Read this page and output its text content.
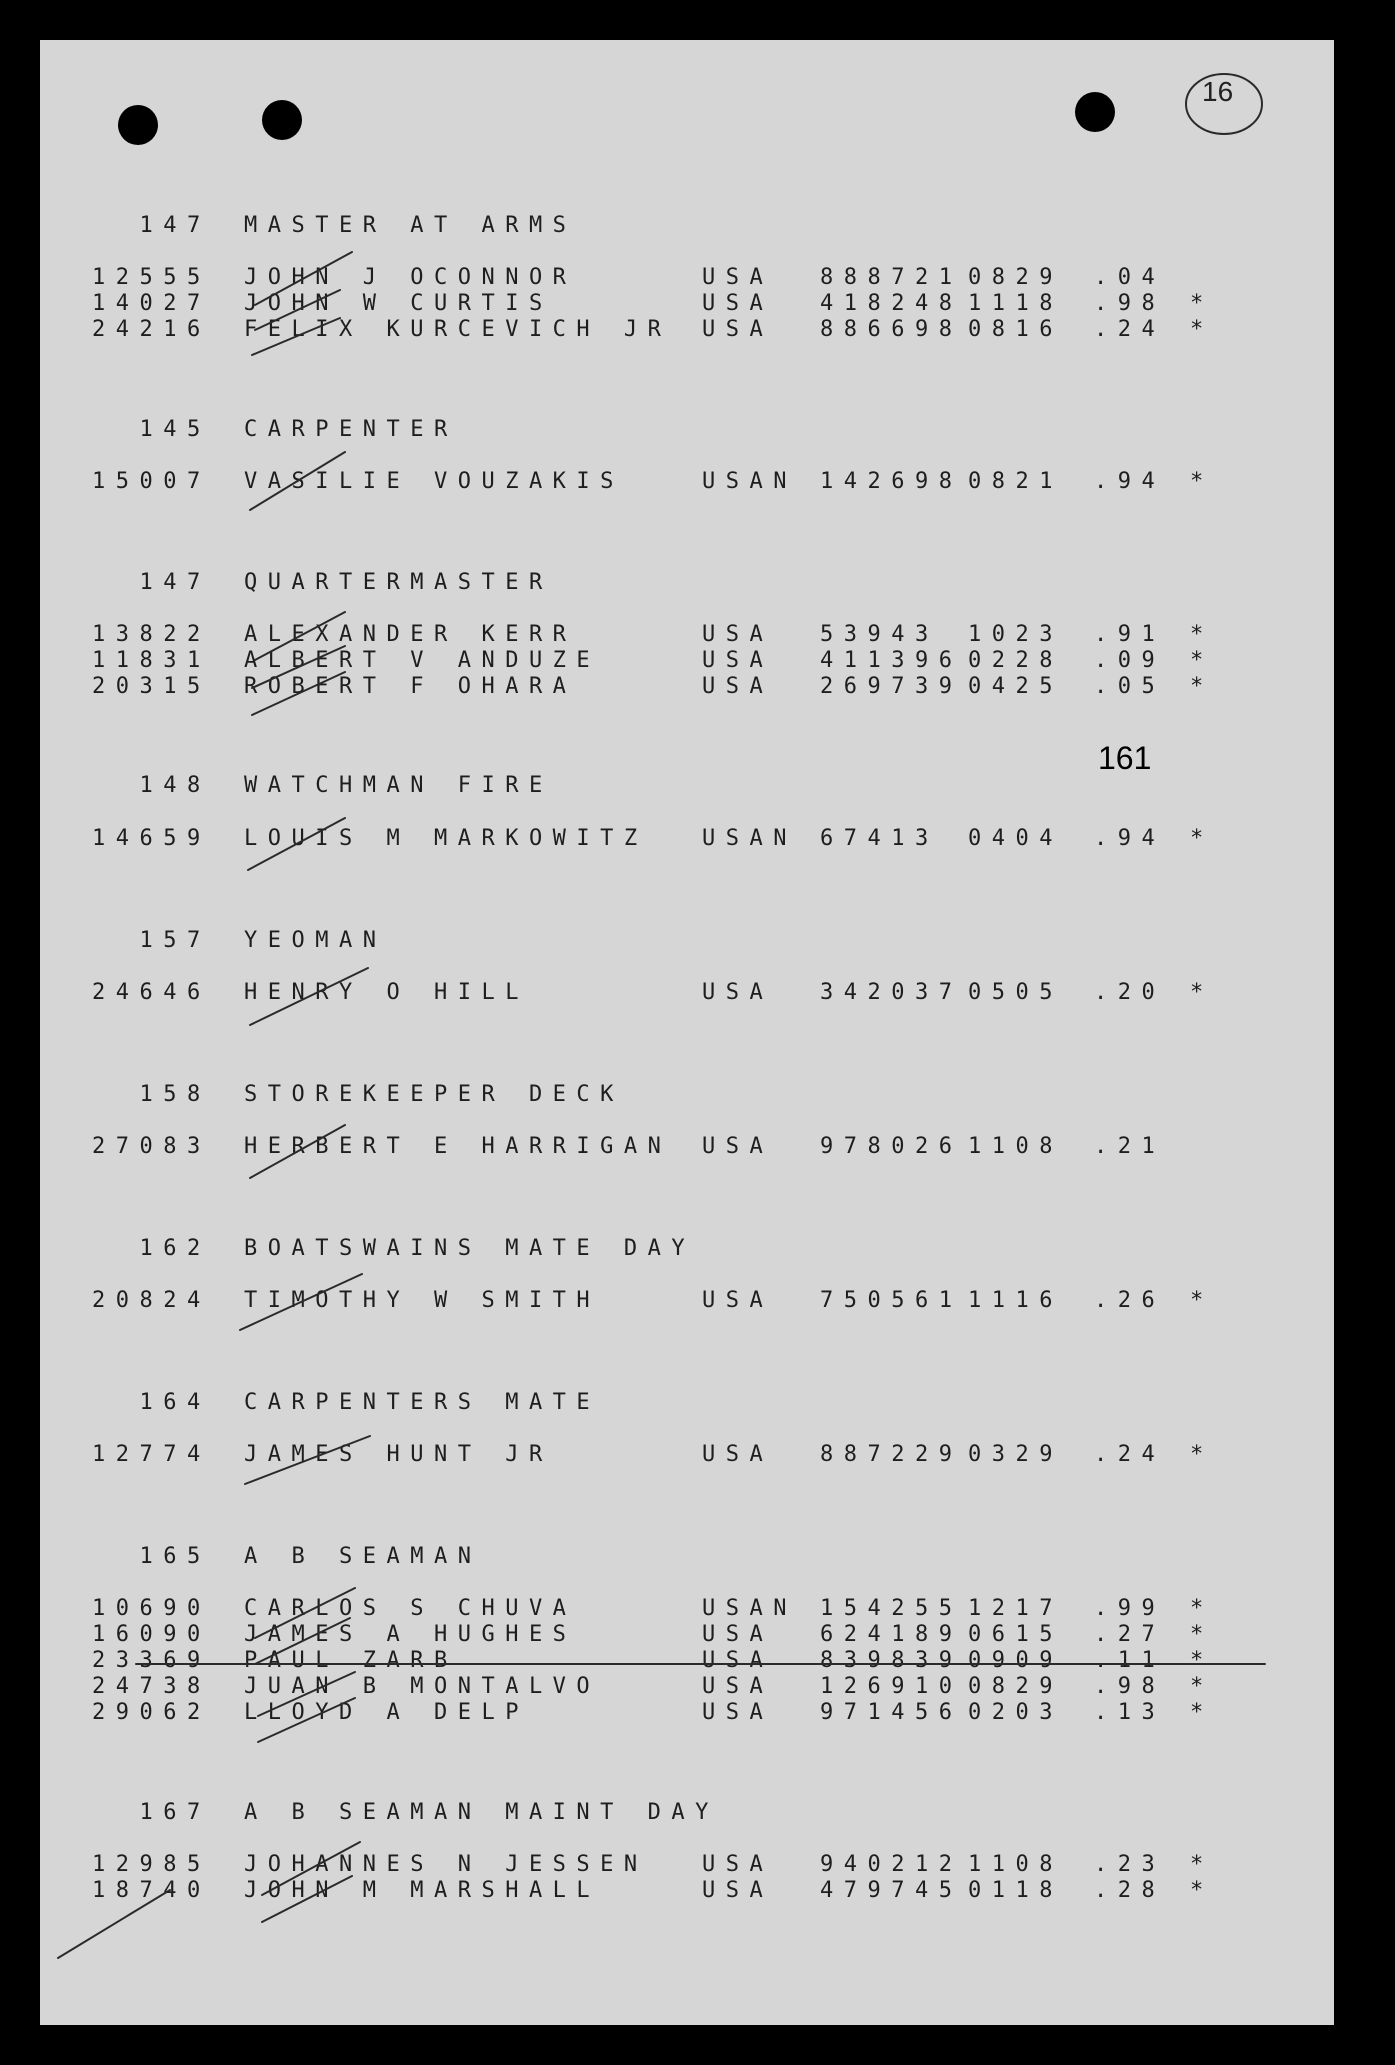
16
161

147 MASTER AT ARMS

12555 JOHN J OCONNOR	USA 888721 0829 .04
14027 JOHN W CURTIS	USA 418248 1118 .98 *
24216 FELIX KURCEVICH JR USA 886698 0816 .24 *

145 CARPENTER

15007 VASILIE VOUZAKIS	USAN 142698 0821 .94 *

147 QUARTERMASTER

13822 ALEXANDER KERR	USA 53943 1023 .91 *
11831 ALBERT V ANDUZE	USA 411396 0228 .09 *
20315 ROBERT F OHARA	USA 269739 0425 .05 *

148 WATCHMAN FIRE

14659 LOUIS M MARKOWITZ USAN 67413 0404 .94 *

157 YEOMAN

24646 HENRY O HILL	USA 342037 0505 .20 *

158 STOREKEEPER DECK

27083 HERBERT E HARRIGAN USA 978026 1108 .21

162 BOATSWAINS MATE DAY

20824 TIMOTHY W SMITH	USA 750561 1116 .26 *

164 CARPENTERS MATE

12774 JAMES HUNT JR	USA 887229 0329 .24 *

165 A B SEAMAN

10690 CARLOS S CHUVA	USAN 154255 1217 .99 *
16090 JAMES A HUGHES	USA 624189 0615 .27 *
23369 PAUL ZARB	USA 839839 0909 .11 *
24738 JUAN B MONTALVO	USA 126910 0829 .98 *
29062 LLOYD A DELP	USA 971456 0203 .13 *

167 A B SEAMAN MAINT DAY

12985 JOHANNES N JESSEN USA 940212 1108 .23 *
18740 JOHN M MARSHALL	USA 479745 0118 .28 *
